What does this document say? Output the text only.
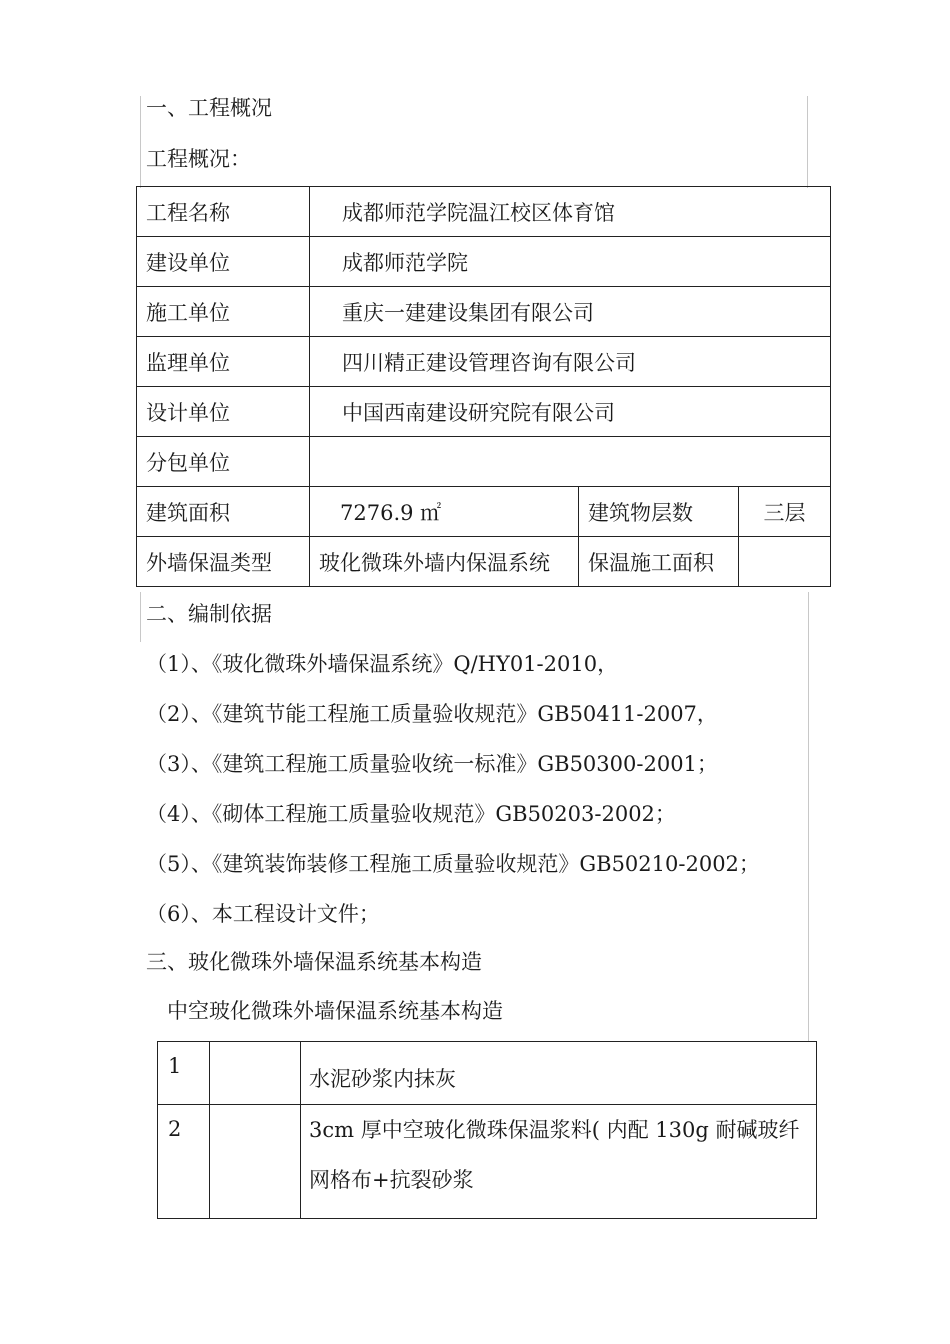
一、工程概况
工程概况：
工程名称	成都师范学院温江校区体育馆		
建设单位	成都师范学院		
施工单位	重庆一建建设集团有限公司		
监理单位	四川精正建设管理咨询有限公司		
设计单位	中国西南建设研究院有限公司		
分包单位			
建筑面积	7276.9 ㎡	建筑物层数	三层
外墙保温类型	玻化微珠外墙内保温系统	保温施工面积	
二、编制依据
（1）、《玻化微珠外墙保温系统》Q/HY01-2010，
（2）、《建筑节能工程施工质量验收规范》GB50411-2007，
（3）、《建筑工程施工质量验收统一标准》GB50300-2001；
（4）、《砌体工程施工质量验收规范》GB50203-2002；
（5）、《建筑装饰装修工程施工质量验收规范》GB50210-2002；
（6）、本工程设计文件；
三、玻化微珠外墙保温系统基本构造
中空玻化微珠外墙保温系统基本构造
1		水泥砂浆内抹灰
2		3cm 厚中空玻化微珠保温浆料( 内配 130g 耐碱玻纤网格布+抗裂砂浆
